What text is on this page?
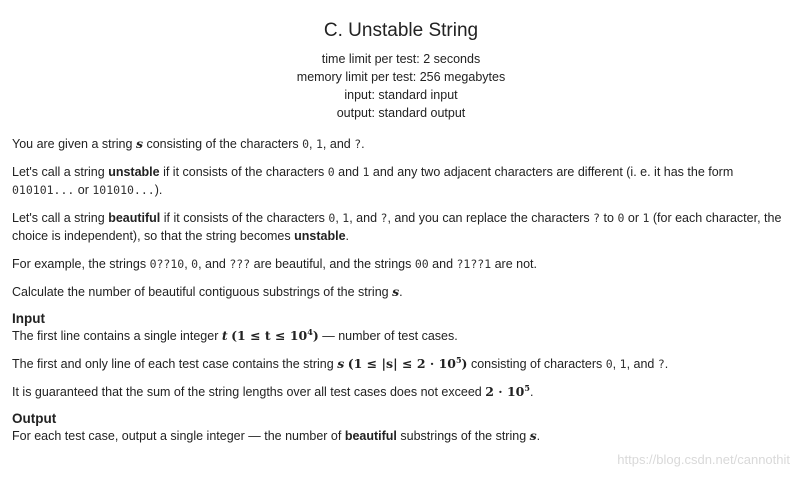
C. Unstable String
time limit per test: 2 seconds
memory limit per test: 256 megabytes
input: standard input
output: standard output

You are given a string s consisting of the characters 0, 1, and ?.

Let's call a string unstable if it consists of the characters 0 and 1 and any two adjacent characters are different (i. e. it has the form
010101... or 101010...).

Let's call a string beautiful if it consists of the characters 0, 1, and ?, and you can replace the characters ? to 0 or 1 (for each character, the choice is independent), so that the string becomes unstable.

For example, the strings 0??10, 0, and ??? are beautiful, and the strings 00 and ?1??1 are not.

Calculate the number of beautiful contiguous substrings of the string s.

Input

The first line contains a single integer t $(1 \le t \le 10^4)$ — number of test cases.

The first and only line of each test case contains the string s $(1 \le |s| \le 2 \cdot 10^5)$ consisting of characters 0, 1, and ?.

It is guaranteed that the sum of the string lengths over all test cases does not exceed $2 \cdot 10^5$.

Output

For each test case, output a single integer — the number of beautiful substrings of the string s.

https://blog.csdn.net/cannothit
